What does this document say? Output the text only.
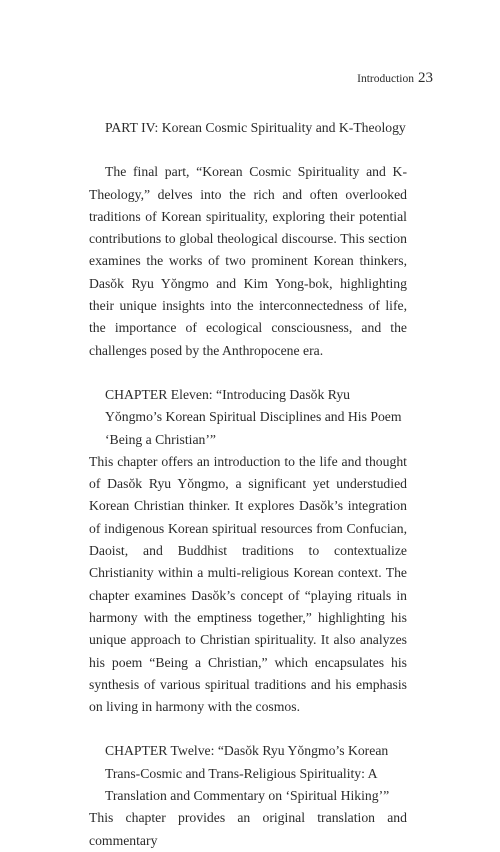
Introduction 23

PART IV: Korean Cosmic Spirituality and K-Theology

The final part, “Korean Cosmic Spirituality and K-Theology,” delves into the rich and often overlooked traditions of Korean spirituality, exploring their potential contributions to global theological discourse. This section examines the works of two prominent Korean thinkers, Dasŏk Ryu Yŏngmo and Kim Yong-bok, highlighting their unique insights into the interconnectedness of life, the importance of ecological consciousness, and the challenges posed by the Anthropocene era.

CHAPTER Eleven: “Introducing Dasŏk Ryu Yŏngmo’s Korean Spiritual Disciplines and His Poem ‘Being a Christian’”

This chapter offers an introduction to the life and thought of Dasŏk Ryu Yŏngmo, a significant yet understudied Korean Christian thinker. It explores Dasŏk’s integration of indigenous Korean spiritual resources from Confucian, Daoist, and Buddhist traditions to contextualize Christianity within a multi-religious Korean context. The chapter examines Dasŏk’s concept of “playing rituals in harmony with the emptiness together,” highlighting his unique approach to Christian spirituality. It also analyzes his poem “Being a Christian,” which encapsulates his synthesis of various spiritual traditions and his emphasis on living in harmony with the cosmos.

CHAPTER Twelve: “Dasŏk Ryu Yŏngmo’s Korean Trans-Cosmic and Trans-Religious Spirituality: A Translation and Commentary on ‘Spiritual Hiking’”

This chapter provides an original translation and commentary
